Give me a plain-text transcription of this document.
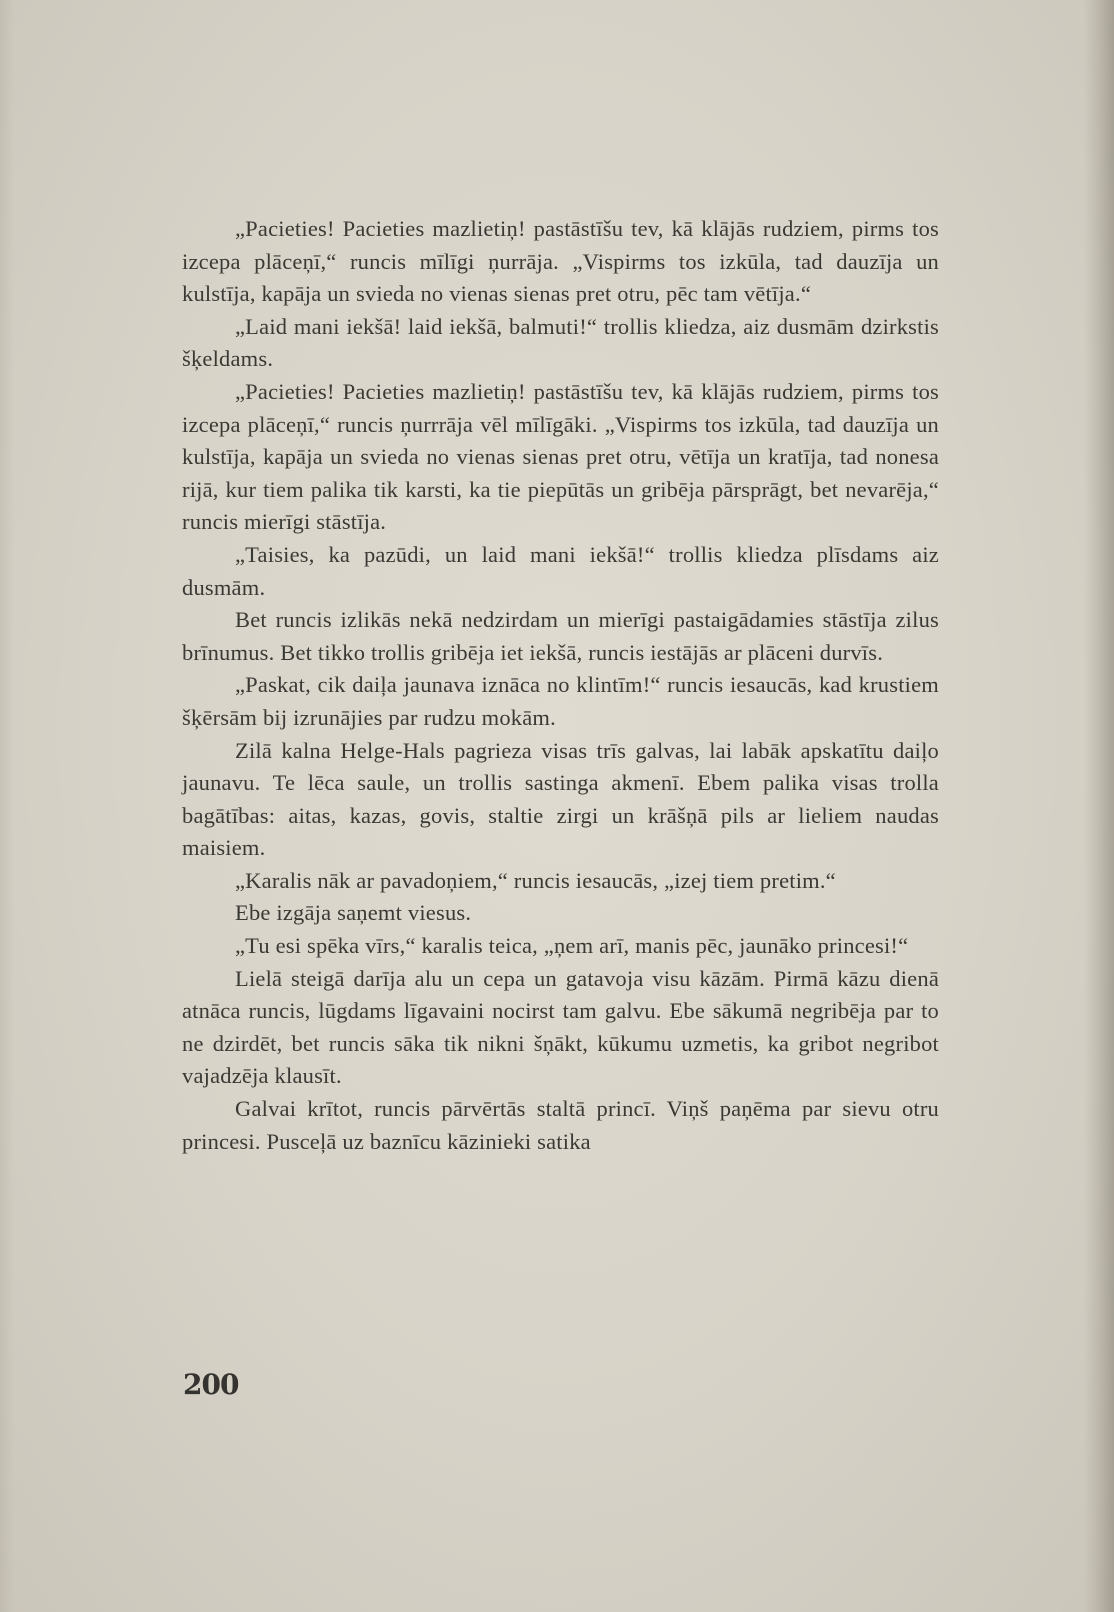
„Pacieties! Pacieties mazlietiņ! pastāstīšu tev, kā klājās rudziem, pirms tos izcepa plāceņī,“ runcis mīlīgi ņurrāja. „Vispirms tos izkūla, tad dauzīja un kulstīja, kapāja un svieda no vienas sienas pret otru, pēc tam vētīja.“

„Laid mani iekšā! laid iekšā, balmuti!“ trollis kliedza, aiz dusmām dzirkstis šķeldams.

„Pacieties! Pacieties mazlietiņ! pastāstīšu tev, kā klājās rudziem, pirms tos izcepa plāceņī,“ runcis ņurrrāja vēl mīlīgāki. „Vispirms tos izkūla, tad dauzīja un kulstīja, kapāja un svieda no vienas sienas pret otru, vētīja un kratīja, tad nonesa rijā, kur tiem palika tik karsti, ka tie piepūtās un gribēja pārsprāgt, bet nevarēja,“ runcis mierīgi stāstīja.

„Taisies, ka pazūdi, un laid mani iekšā!“ trollis kliedza plīsdams aiz dusmām.

Bet runcis izlikās nekā nedzirdam un mierīgi pastaigādamies stāstīja zilus brīnumus. Bet tikko trollis gribēja iet iekšā, runcis iestājās ar plāceni durvīs.

„Paskat, cik daiļa jaunava iznāca no klintīm!“ runcis iesaucās, kad krustiem šķērsām bij izrunājies par rudzu mokām.

Zilā kalna Helge-Hals pagrieza visas trīs galvas, lai labāk apskatītu daiļo jaunavu. Te lēca saule, un trollis sastinga akmenī. Ebem palika visas trolla bagātības: aitas, kazas, govis, staltie zirgi un krāšņā pils ar lieliem naudas maisiem.

„Karalis nāk ar pavadoņiem,“ runcis iesaucās, „izej tiem pretim.“

Ebe izgāja saņemt viesus.

„Tu esi spēka vīrs,“ karalis teica, „ņem arī, manis pēc, jaunāko princesi!“

Lielā steigā darīja alu un cepa un gatavoja visu kāzām. Pirmā kāzu dienā atnāca runcis, lūgdams līgavaini nocirst tam galvu. Ebe sākumā negribēja par to ne dzirdēt, bet runcis sāka tik nikni šņākt, kūkumu uzmetis, ka gribot negribot vajadzēja klausīt.

Galvai krītot, runcis pārvērtās staltā princī. Viņš paņēma par sievu otru princesi. Pusceļā uz baznīcu kāzinieki satika

200
